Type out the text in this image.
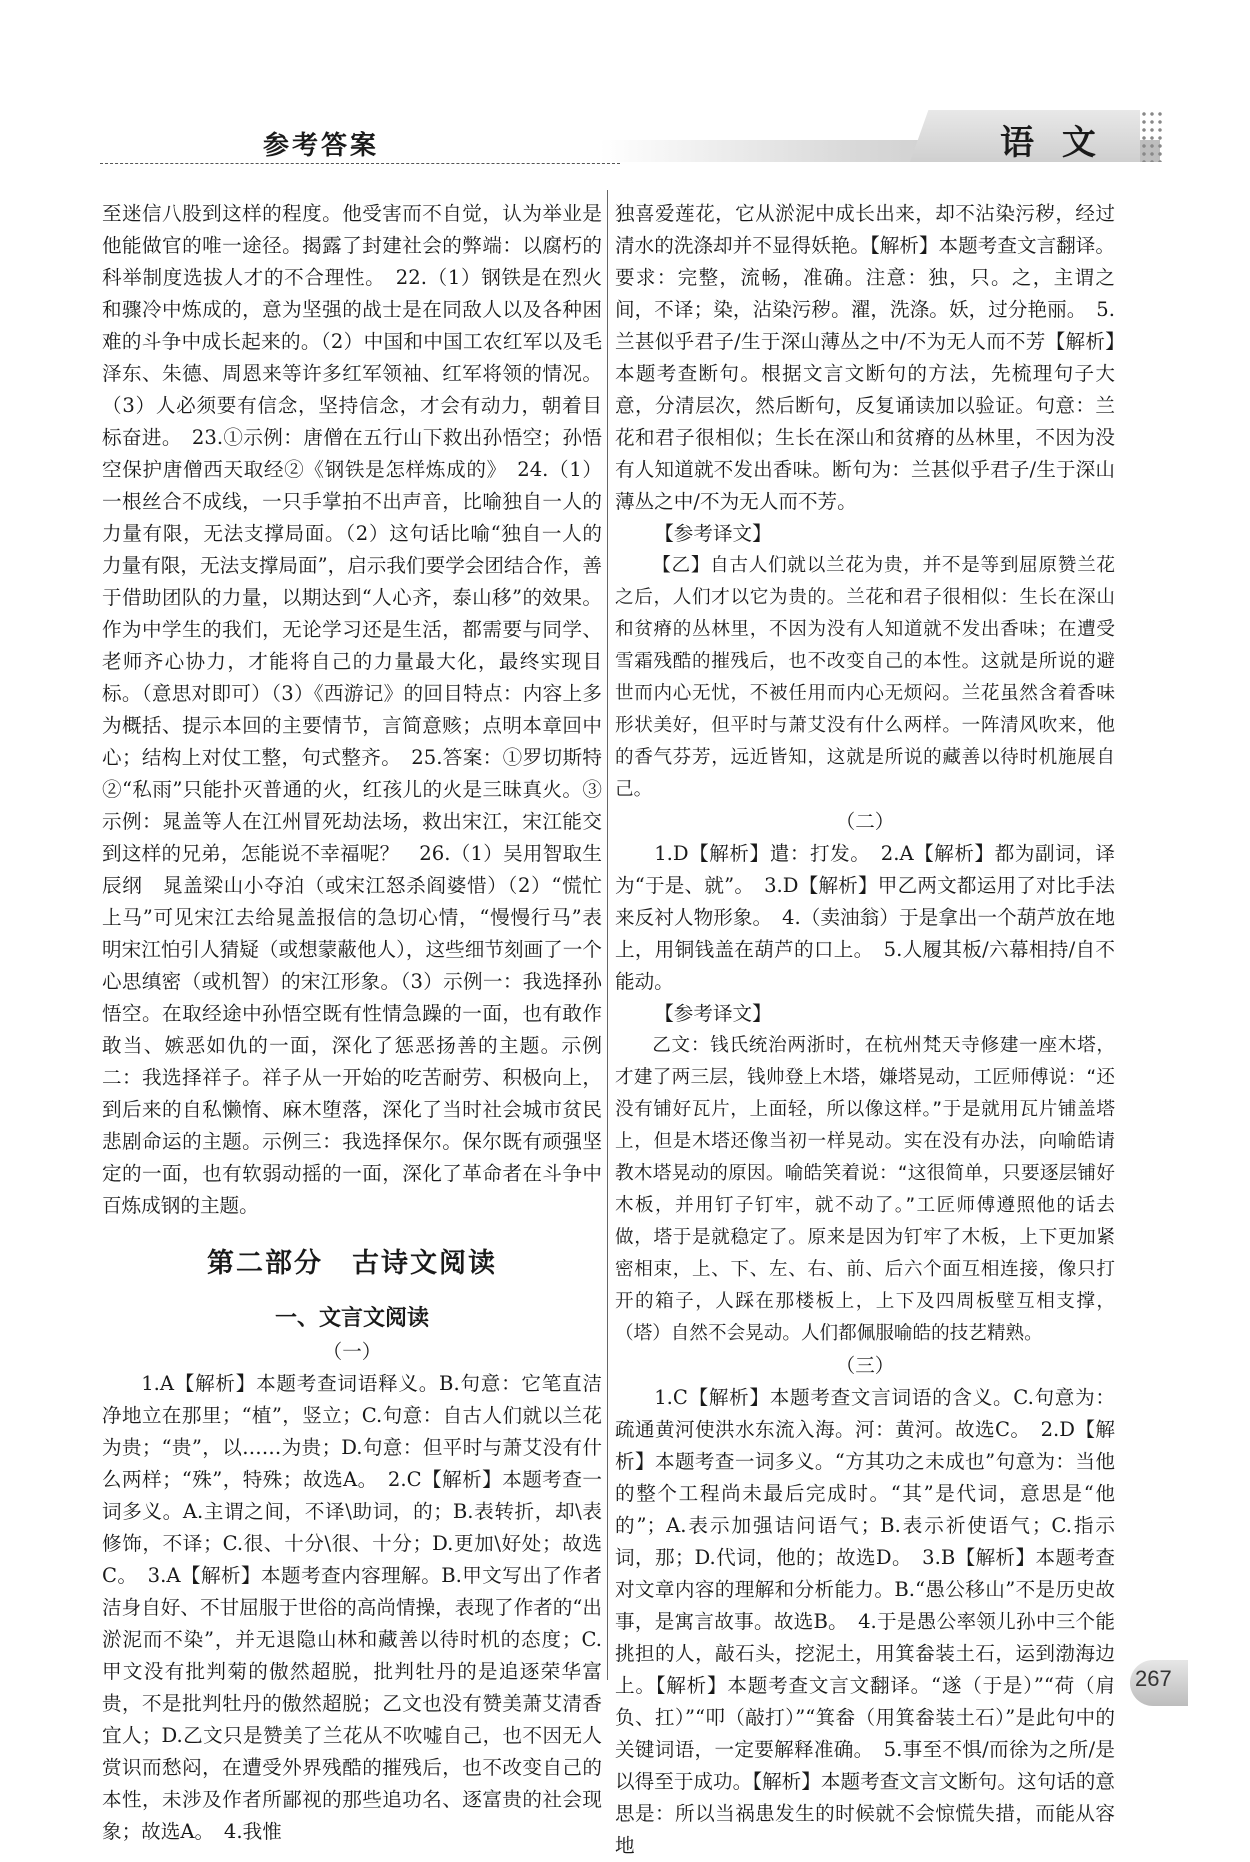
参考答案	语 文

至迷信八股到这样的程度。他受害而不自觉，认为举业是他能做官的唯一途径。揭露了封建社会的弊端：以腐朽的科举制度选拔人才的不合理性。　22.（1）钢铁是在烈火和骤冷中炼成的，意为坚强的战士是在同敌人以及各种困难的斗争中成长起来的。（2）中国和中国工农红军以及毛泽东、朱德、周恩来等许多红军领袖、红军将领的情况。（3）人必须要有信念，坚持信念，才会有动力，朝着目标奋进。　23.①示例：唐僧在五行山下救出孙悟空；孙悟空保护唐僧西天取经②《钢铁是怎样炼成的》　24.（1）一根丝合不成线，一只手掌拍不出声音，比喻独自一人的力量有限，无法支撑局面。（2）这句话比喻“独自一人的力量有限，无法支撑局面”，启示我们要学会团结合作，善于借助团队的力量，以期达到“人心齐，泰山移”的效果。作为中学生的我们，无论学习还是生活，都需要与同学、老师齐心协力，才能将自己的力量最大化，最终实现目标。（意思对即可）（3）《西游记》的回目特点：内容上多为概括、提示本回的主要情节，言简意赅；点明本章回中心；结构上对仗工整，句式整齐。　25.答案：①罗切斯特②“私雨”只能扑灭普通的火，红孩儿的火是三昧真火。③示例：晁盖等人在江州冒死劫法场，救出宋江，宋江能交到这样的兄弟，怎能说不幸福呢？　26.（1）吴用智取生辰纲　晁盖梁山小夺泊（或宋江怒杀阎婆惜）（2）“慌忙上马”可见宋江去给晁盖报信的急切心情，“慢慢行马”表明宋江怕引人猜疑（或想蒙蔽他人），这些细节刻画了一个心思缜密（或机智）的宋江形象。（3）示例一：我选择孙悟空。在取经途中孙悟空既有性情急躁的一面，也有敢作敢当、嫉恶如仇的一面，深化了惩恶扬善的主题。示例二：我选择祥子。祥子从一开始的吃苦耐劳、积极向上，到后来的自私懒惰、麻木堕落，深化了当时社会城市贫民悲剧命运的主题。示例三：我选择保尔。保尔既有顽强坚定的一面，也有软弱动摇的一面，深化了革命者在斗争中百炼成钢的主题。

第二部分　古诗文阅读
一、文言文阅读

（一）

1.A【解析】本题考查词语释义。B.句意：它笔直洁净地立在那里；“植”，竖立；C.句意：自古人们就以兰花为贵；“贵”，以……为贵；D.句意：但平时与萧艾没有什么两样；“殊”，特殊；故选A。　2.C【解析】本题考查一词多义。A.主谓之间，不译\助词，的；B.表转折，却\表修饰，不译；C.很、十分\很、十分；D.更加\好处；故选C。　3.A【解析】本题考查内容理解。B.甲文写出了作者洁身自好、不甘屈服于世俗的高尚情操，表现了作者的“出淤泥而不染”，并无退隐山林和藏善以待时机的态度；C.甲文没有批判菊的傲然超脱，批判牡丹的是追逐荣华富贵，不是批判牡丹的傲然超脱；乙文也没有赞美萧艾清香宜人；D.乙文只是赞美了兰花从不吹嘘自己，也不因无人赏识而愁闷，在遭受外界残酷的摧残后，也不改变自己的本性，未涉及作者所鄙视的那些追功名、逐富贵的社会现象；故选A。　4.我惟

独喜爱莲花，它从淤泥中成长出来，却不沾染污秽，经过清水的洗涤却并不显得妖艳。【解析】本题考查文言翻译。要求：完整，流畅，准确。注意：独，只。之，主谓之间，不译；染，沾染污秽。濯，洗涤。妖，过分艳丽。　5.兰甚似乎君子/生于深山薄丛之中/不为无人而不芳【解析】本题考查断句。根据文言文断句的方法，先梳理句子大意，分清层次，然后断句，反复诵读加以验证。句意：兰花和君子很相似；生长在深山和贫瘠的丛林里，不因为没有人知道就不发出香味。断句为：兰甚似乎君子/生于深山薄丛之中/不为无人而不芳。

【参考译文】

【乙】自古人们就以兰花为贵，并不是等到屈原赞兰花之后，人们才以它为贵的。兰花和君子很相似：生长在深山和贫瘠的丛林里，不因为没有人知道就不发出香味；在遭受雪霜残酷的摧残后，也不改变自己的本性。这就是所说的避世而内心无忧，不被任用而内心无烦闷。兰花虽然含着香味形状美好，但平时与萧艾没有什么两样。一阵清风吹来，他的香气芬芳，远近皆知，这就是所说的藏善以待时机施展自己。

（二）

1.D【解析】遣：打发。　2.A【解析】都为副词，译为“于是、就”。　3.D【解析】甲乙两文都运用了对比手法来反衬人物形象。　4.（卖油翁）于是拿出一个葫芦放在地上，用铜钱盖在葫芦的口上。　5.人履其板/六幕相持/自不能动。

【参考译文】

乙文：钱氏统治两浙时，在杭州梵天寺修建一座木塔，才建了两三层，钱帅登上木塔，嫌塔晃动，工匠师傅说：“还没有铺好瓦片，上面轻，所以像这样。”于是就用瓦片铺盖塔上，但是木塔还像当初一样晃动。实在没有办法，向喻皓请教木塔晃动的原因。喻皓笑着说：“这很简单，只要逐层铺好木板，并用钉子钉牢，就不动了。”工匠师傅遵照他的话去做，塔于是就稳定了。原来是因为钉牢了木板，上下更加紧密相束，上、下、左、右、前、后六个面互相连接，像只打开的箱子，人踩在那楼板上，上下及四周板壁互相支撑，（塔）自然不会晃动。人们都佩服喻皓的技艺精熟。

（三）

1.C【解析】本题考查文言词语的含义。C.句意为：疏通黄河使洪水东流入海。河：黄河。故选C。　2.D【解析】本题考查一词多义。“方其功之未成也”句意为：当他的整个工程尚未最后完成时。“其”是代词，意思是“他的”；A.表示加强诘问语气；B.表示祈使语气；C.指示词，那；D.代词，他的；故选D。　3.B【解析】本题考查对文章内容的理解和分析能力。B.“愚公移山”不是历史故事，是寓言故事。故选B。　4.于是愚公率领儿孙中三个能挑担的人，敲石头，挖泥土，用箕畚装土石，运到渤海边上。【解析】本题考查文言文翻译。“遂（于是）”“荷（肩负、扛）”“叩（敲打）”“箕畚（用箕畚装土石）”是此句中的关键词语，一定要解释准确。　5.事至不惧/而徐为之所/是以得至于成功。【解析】本题考查文言文断句。这句话的意思是：所以当祸患发生的时候就不会惊慌失措，而能从容地

267
